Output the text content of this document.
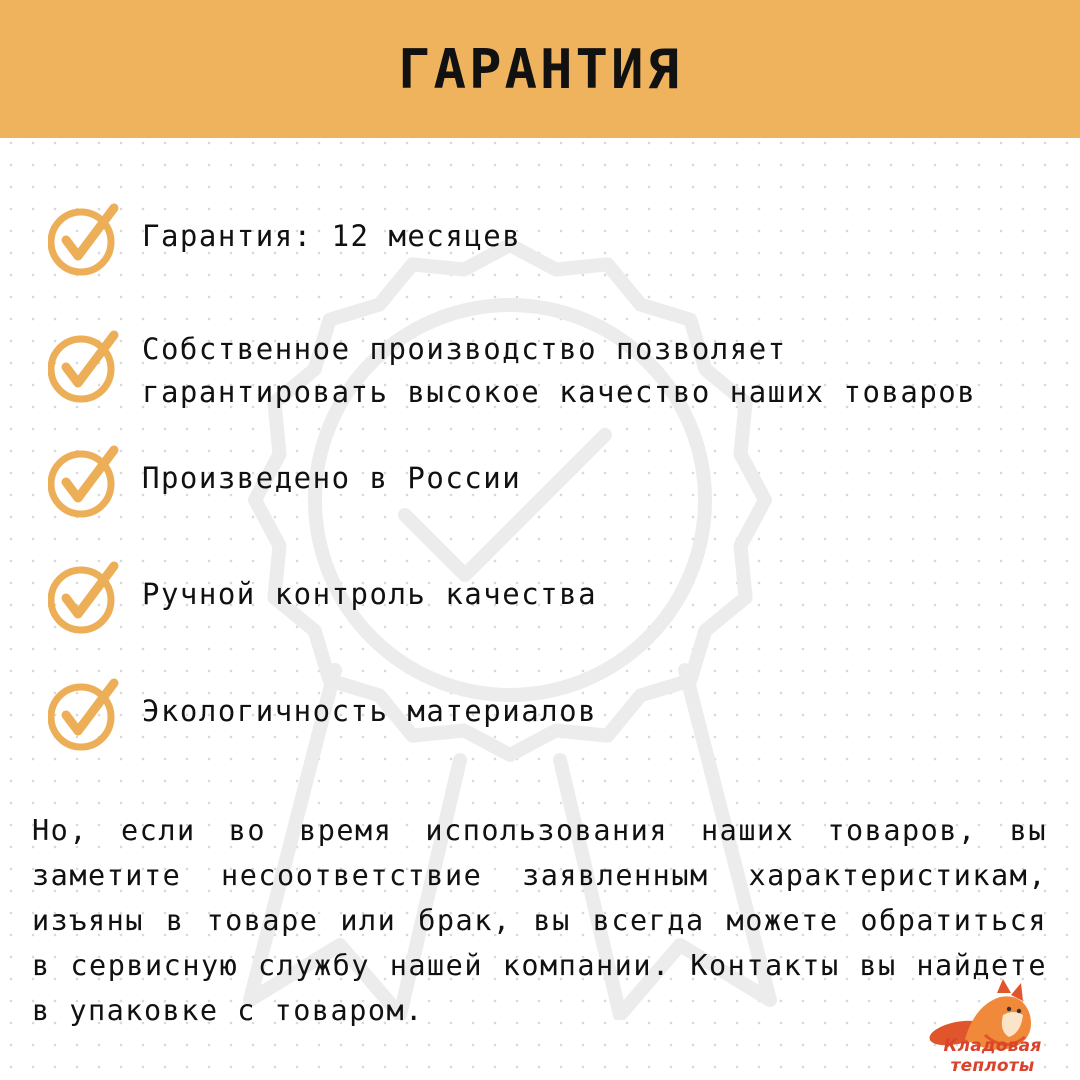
ГАРАНТИЯ
Гарантия: 12 месяцев
Собственное производство позволяет
гарантировать высокое качество наших товаров
Произведено в России
Ручной контроль качества
Экологичность материалов
Но, если во время использования наших товаров, вы заметите несоответствие заявленным характеристикам, изъяны в товаре или брак, вы всегда можете обратиться в сервисную службу нашей компании. Контакты вы найдете в упаковке с товаром.
Кладовая теплоты
